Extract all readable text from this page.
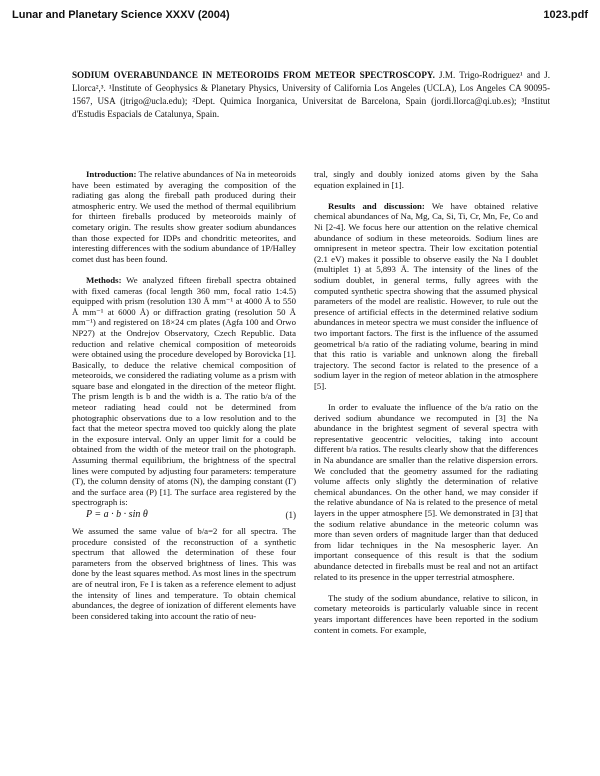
Lunar and Planetary Science XXXV (2004)	1023.pdf
SODIUM OVERABUNDANCE IN METEOROIDS FROM METEOR SPECTROSCOPY. J.M. Trigo-Rodriguez¹ and J. Llorca²,³. ¹Institute of Geophysics & Planetary Physics, University of California Los Angeles (UCLA), Los Angeles CA 90095-1567, USA (jtrigo@ucla.edu); ²Dept. Quimica Inorganica, Universitat de Barcelona, Spain (jordi.llorca@qi.ub.es); ³Institut d'Estudis Espacials de Catalunya, Spain.

Introduction: The relative abundances of Na in meteoroids have been estimated by averaging the composition of the radiating gas along the fireball path produced during their atmospheric entry. We used the method of thermal equilibrium for thirteen fireballs produced by meteoroids mainly of cometary origin. The results show greater sodium abundances than those expected for IDPs and chondritic meteorites, and interesting differences with the sodium abundance of 1P/Halley comet dust has been found.

Methods: We analyzed fifteen fireball spectra obtained with fixed cameras (focal length 360 mm, focal ratio 1:4.5) equipped with prism (resolution 130 Å mm⁻¹ at 4000 Å to 550 Å mm⁻¹ at 6000 Å) or diffraction grating (resolution 50 Å mm⁻¹) and registered on 18×24 cm plates (Agfa 100 and Orwo NP27) at the Ondrejov Observatory, Czech Republic. Data reduction and relative chemical composition of meteoroids were obtained using the procedure developed by Borovicka [1]. Basically, to deduce the relative chemical composition of meteoroids, we considered the radiating volume as a prism with square base and elongated in the direction of the meteor flight. The prism length is b and the width is a. The ratio b/a of the meteor radiating head could not be determined from photographic observations due to a low resolution and to the fact that the meteor spectra moved too quickly along the plate in the exposure interval. Only an upper limit for a could be obtained from the width of the meteor trail on the photograph. Assuming thermal equilibrium, the brightness of the spectral lines were computed by adjusting four parameters: temperature (T), the column density of atoms (N), the damping constant (Γ) and the surface area (P) [1]. The surface area registered by the spectrograph is:

P = a · b · sin θ	(1)

We assumed the same value of b/a=2 for all spectra. The procedure consisted of the reconstruction of a synthetic spectrum that allowed the determination of these four parameters from the observed brightness of lines. This was done by the least squares method. As most lines in the spectrum are of neutral iron, Fe I is taken as a reference element to adjust the intensity of lines and temperature. To obtain chemical abundances, the degree of ionization of different elements have been considered taking into account the ratio of neu-

tral, singly and doubly ionized atoms given by the Saha equation explained in [1].

Results and discussion: We have obtained relative chemical abundances of Na, Mg, Ca, Si, Ti, Cr, Mn, Fe, Co and Ni [2-4]. We focus here our attention on the relative chemical abundance of sodium in these meteoroids. Sodium lines are omnipresent in meteor spectra. Their low excitation potential (2.1 eV) makes it possible to observe easily the Na I doublet (multiplet 1) at 5,893 Å. The intensity of the lines of the sodium doublet, in general terms, fully agrees with the computed synthetic spectra showing that the assumed physical parameters of the model are realistic. However, to rule out the presence of artificial effects in the determined relative sodium abundances in meteor spectra we must consider the influence of two important factors. The first is the influence of the assumed geometrical b/a ratio of the radiating volume, bearing in mind that this ratio is variable and unknown along the fireball trajectory. The second factor is related to the presence of a sodium layer in the region of meteor ablation in the atmosphere [5].

In order to evaluate the influence of the b/a ratio on the derived sodium abundance we recomputed in [3] the Na abundance in the brightest segment of several spectra with representative geocentric velocities, taking into account different b/a ratios. The results clearly show that the differences in Na abundance are smaller than the relative dispersion errors. We concluded that the geometry assumed for the radiating volume affects only slightly the determination of relative chemical abundances. On the other hand, we may consider if the relative abundance of Na is related to the presence of metal layers in the upper atmosphere [5]. We demonstrated in [3] that the sodium relative abundance in the meteoric column was more than seven orders of magnitude larger than that deduced from lidar techniques in the Na mesospheric layer. An important consequence of this result is that the sodium abundance detected in fireballs must be real and not an artifact related to its presence in the upper terrestrial atmosphere.

The study of the sodium abundance, relative to silicon, in cometary meteoroids is particularly valuable since in recent years important differences have been reported in the sodium content in comets. For example,
